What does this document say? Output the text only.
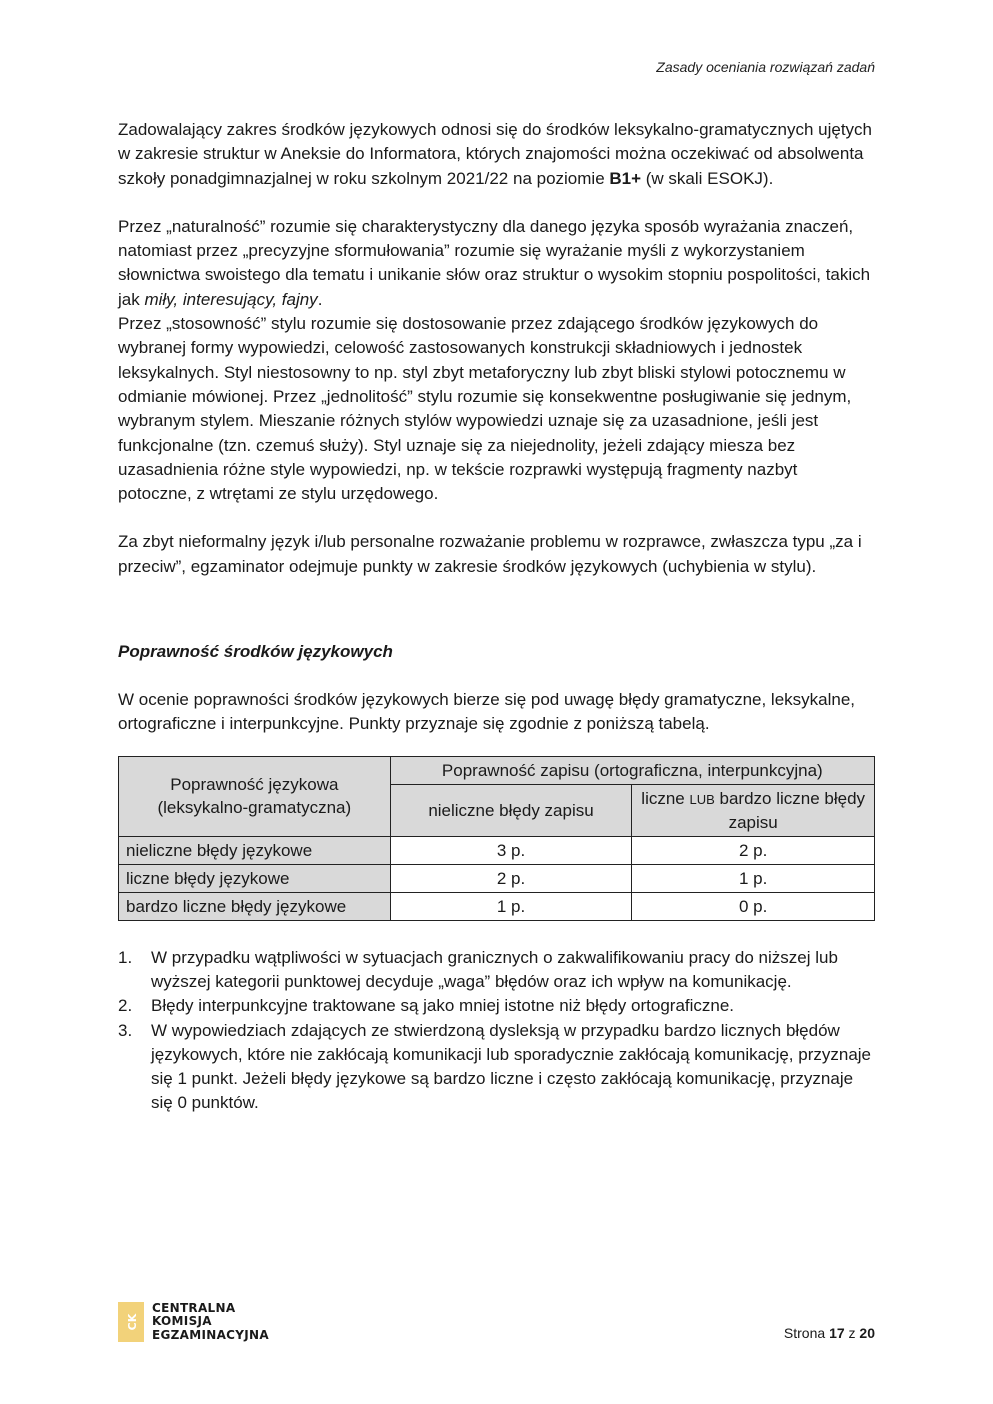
Zasady oceniania rozwiązań zadań

Zadowalający zakres środków językowych odnosi się do środków leksykalno-gramatycznych ujętych w zakresie struktur w Aneksie do Informatora, których znajomości można oczekiwać od absolwenta szkoły ponadgimnazjalnej w roku szkolnym 2021/22 na poziomie B1+ (w skali ESOKJ).

Przez „naturalność” rozumie się charakterystyczny dla danego języka sposób wyrażania znaczeń, natomiast przez „precyzyjne sformułowania” rozumie się wyrażanie myśli z wykorzystaniem słownictwa swoistego dla tematu i unikanie słów oraz struktur o wysokim stopniu pospolitości, takich jak miły, interesujący, fajny.

Przez „stosowność” stylu rozumie się dostosowanie przez zdającego środków językowych do wybranej formy wypowiedzi, celowość zastosowanych konstrukcji składniowych i jednostek leksykalnych. Styl niestosowny to np. styl zbyt metaforyczny lub zbyt bliski stylowi potocznemu w odmianie mówionej. Przez „jednolitość” stylu rozumie się konsekwentne posługiwanie się jednym, wybranym stylem. Mieszanie różnych stylów wypowiedzi uznaje się za uzasadnione, jeśli jest funkcjonalne (tzn. czemuś służy). Styl uznaje się za niejednolity, jeżeli zdający miesza bez uzasadnienia różne style wypowiedzi, np. w tekście rozprawki występują fragmenty nazbyt potoczne, z wtrętami ze stylu urzędowego.

Za zbyt nieformalny język i/lub personalne rozważanie problemu w rozprawce, zwłaszcza typu „za i przeciw”, egzaminator odejmuje punkty w zakresie środków językowych (uchybienia w stylu).

Poprawność środków językowych

W ocenie poprawności środków językowych bierze się pod uwagę błędy gramatyczne, leksykalne, ortograficzne i interpunkcyjne. Punkty przyznaje się zgodnie z poniższą tabelą.

Poprawność językowa (leksykalno-gramatyczna)	Poprawność zapisu (ortograficzna, interpunkcyjna)	
	nieliczne błędy zapisu	liczne LUB bardzo liczne błędy zapisu
nieliczne błędy językowe	3 p.	2 p.
liczne błędy językowe	2 p.	1 p.
bardzo liczne błędy językowe	1 p.	0 p.
1. W przypadku wątpliwości w sytuacjach granicznych o zakwalifikowaniu pracy do niższej lub wyższej kategorii punktowej decyduje „waga” błędów oraz ich wpływ na komunikację.
2. Błędy interpunkcyjne traktowane są jako mniej istotne niż błędy ortograficzne.
3. W wypowiedziach zdających ze stwierdzoną dysleksją w przypadku bardzo licznych błędów językowych, które nie zakłócają komunikacji lub sporadycznie zakłócają komunikację, przyznaje się 1 punkt. Jeżeli błędy językowe są bardzo liczne i często zakłócają komunikację, przyznaje się 0 punktów.
CK
CENTRALNA
KOMISJA
EGZAMINACYJNA	Strona 17 z 20
